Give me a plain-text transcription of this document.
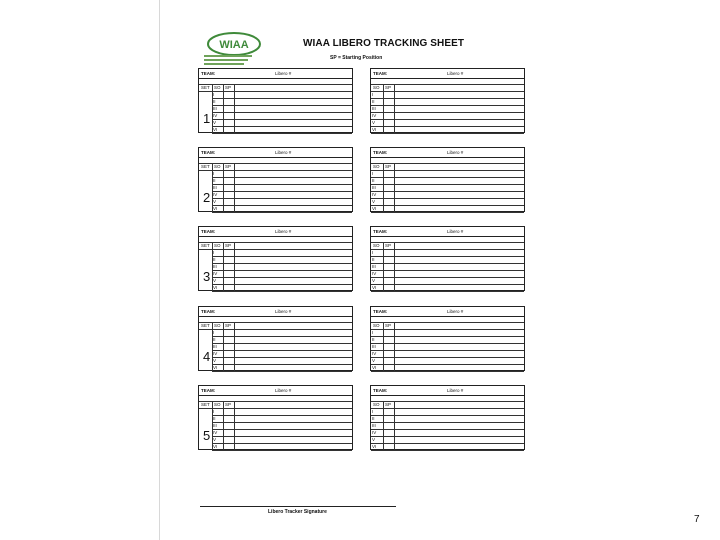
WIAA	WIAA LIBERO TRACKING SHEET
SP = Starting Position
TEAM:	Libero #
SET SO SP
I
II
III
IV
V
VI
1
TEAM:	Libero #
SO SP
I
II
III
IV
V
VI
TEAM:	Libero #
SET SO SP
I
II
III
IV
V
VI
2
TEAM:	Libero #
SO SP
I
II
III
IV
V
VI
TEAM:	Libero #
SET SO SP
I
II
III
IV
V
VI
3
TEAM:	Libero #
SO SP
I
II
III
IV
V
VI
TEAM:	Libero #
SET SO SP
I
II
III
IV
V
VI
4
TEAM:	Libero #
SO SP
I
II
III
IV
V
VI
TEAM:	Libero #
SET SO SP
I
II
III
IV
V
VI
5
TEAM:	Libero #
SO SP
I
II
III
IV
V
VI
Libero Tracker Signature
7
